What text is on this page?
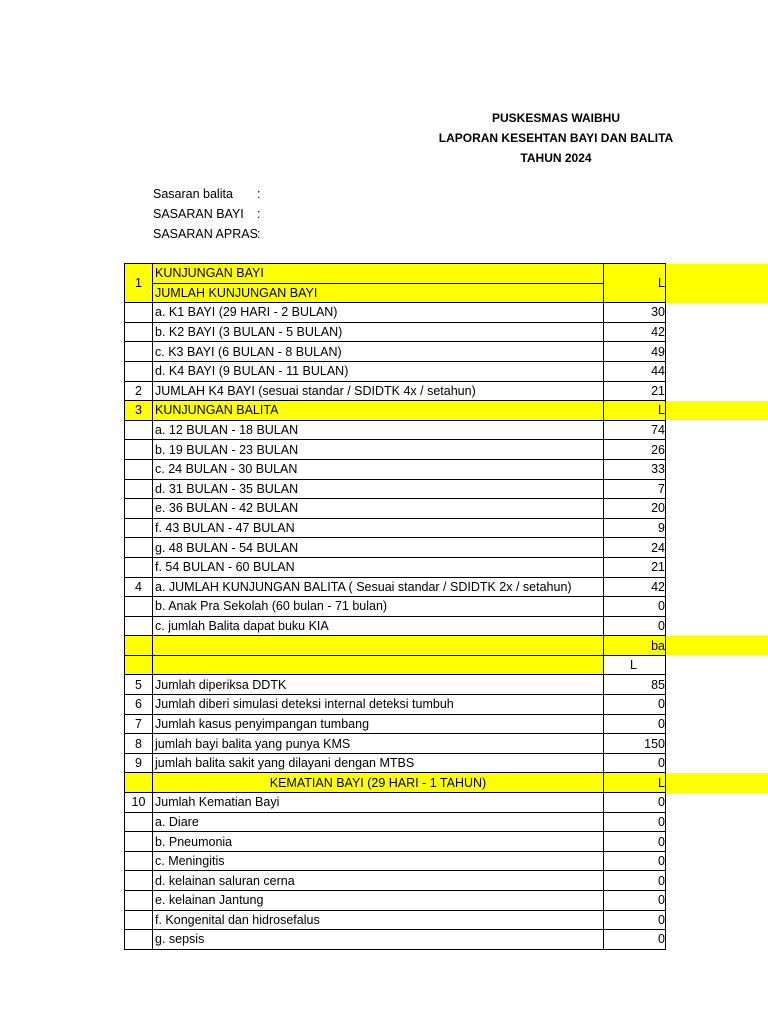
PUSKESMAS WAIBHU
LAPORAN KESEHTAN BAYI DAN BALITA
TAHUN 2024
Sasaran balita	:
SASARAN BAYI	:
SASARAN APRAS :
1	KUNJUNGAN BAYI	L
	JUMLAH KUNJUNGAN BAYI	
	a. K1 BAYI (29 HARI - 2 BULAN)	30
	b. K2 BAYI (3 BULAN - 5 BULAN)	42
	c. K3 BAYI (6 BULAN - 8 BULAN)	49
	d. K4 BAYI (9 BULAN - 11 BULAN)	44
2	JUMLAH K4 BAYI (sesuai standar / SDIDTK 4x / setahun)	21
3	KUNJUNGAN BALITA	L
	a. 12 BULAN - 18 BULAN	74
	b. 19 BULAN - 23 BULAN	26
	c. 24 BULAN - 30 BULAN	33
	d. 31 BULAN - 35 BULAN	7
	e. 36 BULAN - 42 BULAN	20
	f. 43 BULAN - 47 BULAN	9
	g. 48 BULAN - 54 BULAN	24
	f. 54 BULAN - 60 BULAN	21
4	a. JUMLAH KUNJUNGAN BALITA ( Sesuai standar / SDIDTK 2x / setahun)	42
	b. Anak Pra Sekolah (60 bulan - 71 bulan)	0
	c. jumlah Balita dapat buku KIA	0
		ba
		L
5	Jumlah diperiksa DDTK	85
6	Jumlah diberi simulasi deteksi internal deteksi tumbuh	0
7	Jumlah kasus penyimpangan tumbang	0
8	jumlah bayi balita yang punya KMS	150
9	jumlah balita sakit yang dilayani dengan MTBS	0
	KEMATIAN BAYI (29 HARI - 1 TAHUN)	L
10	Jumlah Kematian Bayi	0
	a. Diare	0
	b. Pneumonia	0
	c. Meningitis	0
	d. kelainan saluran cerna	0
	e. kelainan Jantung	0
	f. Kongenital dan hidrosefalus	0
	g. sepsis	0
